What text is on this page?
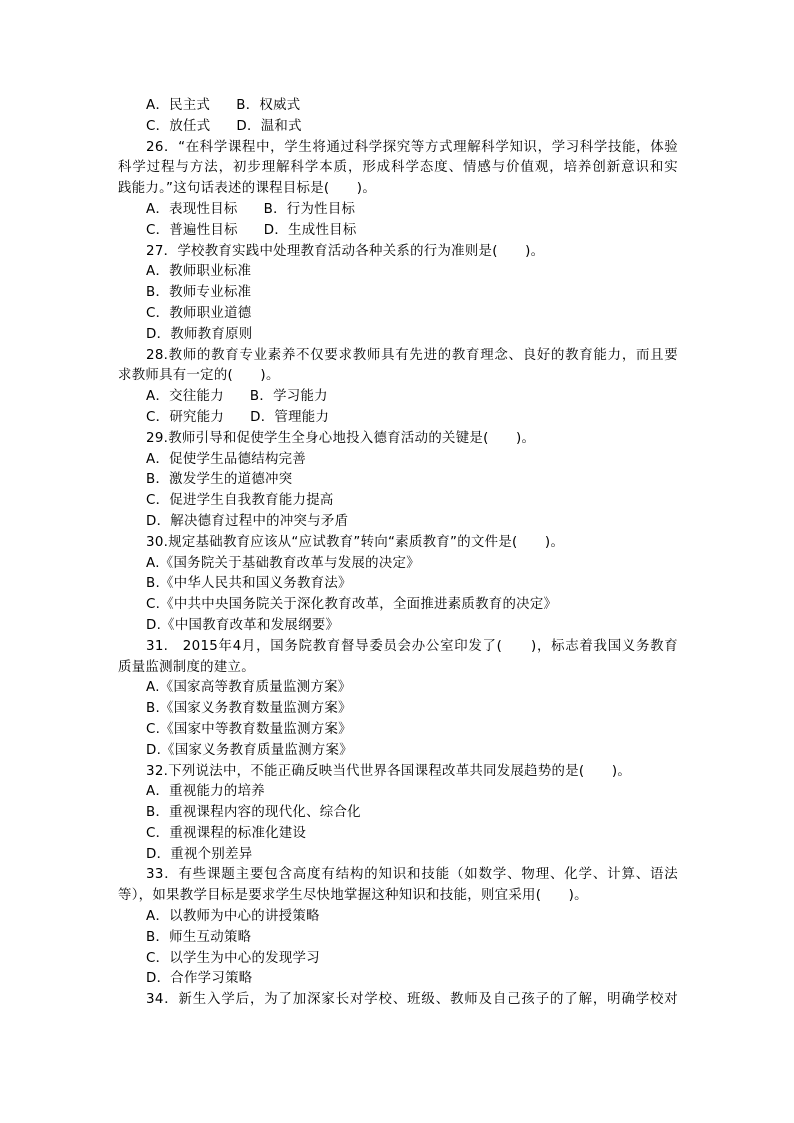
A．民主式 B．权威式
C．放任式 D．温和式
26．“在科学课程中，学生将通过科学探究等方式理解科学知识，学习科学技能，体验
科学过程与方法，初步理解科学本质，形成科学态度、情感与价值观，培养创新意识和实
践能力。”这句话表述的课程目标是(　　)。
A．表现性目标 B．行为性目标
C．普遍性目标 D．生成性目标
27．学校教育实践中处理教育活动各种关系的行为准则是(　　)。
A．教师职业标准
B．教师专业标准
C．教师职业道德
D．教师教育原则
28.教师的教育专业素养不仅要求教师具有先进的教育理念、良好的教育能力，而且要
求教师具有一定的(　　)。
A．交往能力 B．学习能力
C．研究能力 D．管理能力
29.教师引导和促使学生全身心地投入德育活动的关键是(　　)。
A．促使学生品德结构完善
B．激发学生的道德冲突
C．促进学生自我教育能力提高
D．解决德育过程中的冲突与矛盾
30.规定基础教育应该从“应试教育”转向“素质教育”的文件是(　　)。
A.《国务院关于基础教育改革与发展的决定》
B.《中华人民共和国义务教育法》
C.《中共中央国务院关于深化教育改革，全面推进素质教育的决定》
D.《中国教育改革和发展纲要》
31.　2015年4月，国务院教育督导委员会办公室印发了(　　)，标志着我国义务教育
质量监测制度的建立。
A.《国家高等教育质量监测方案》
B.《国家义务教育数量监测方案》
C.《国家中等教育数量监测方案》
D.《国家义务教育质量监测方案》
32.下列说法中，不能正确反映当代世界各国课程改革共同发展趋势的是(　　)。
A．重视能力的培养
B．重视课程内容的现代化、综合化
C．重视课程的标准化建设
D．重视个别差异
33．有些课题主要包含高度有结构的知识和技能（如数学、物理、化学、计算、语法
等），如果教学目标是要求学生尽快地掌握这种知识和技能，则宜采用(　　)。
A．以教师为中心的讲授策略
B．师生互动策略
C．以学生为中心的发现学习
D．合作学习策略
34．新生入学后，为了加深家长对学校、班级、教师及自己孩子的了解，明确学校对
